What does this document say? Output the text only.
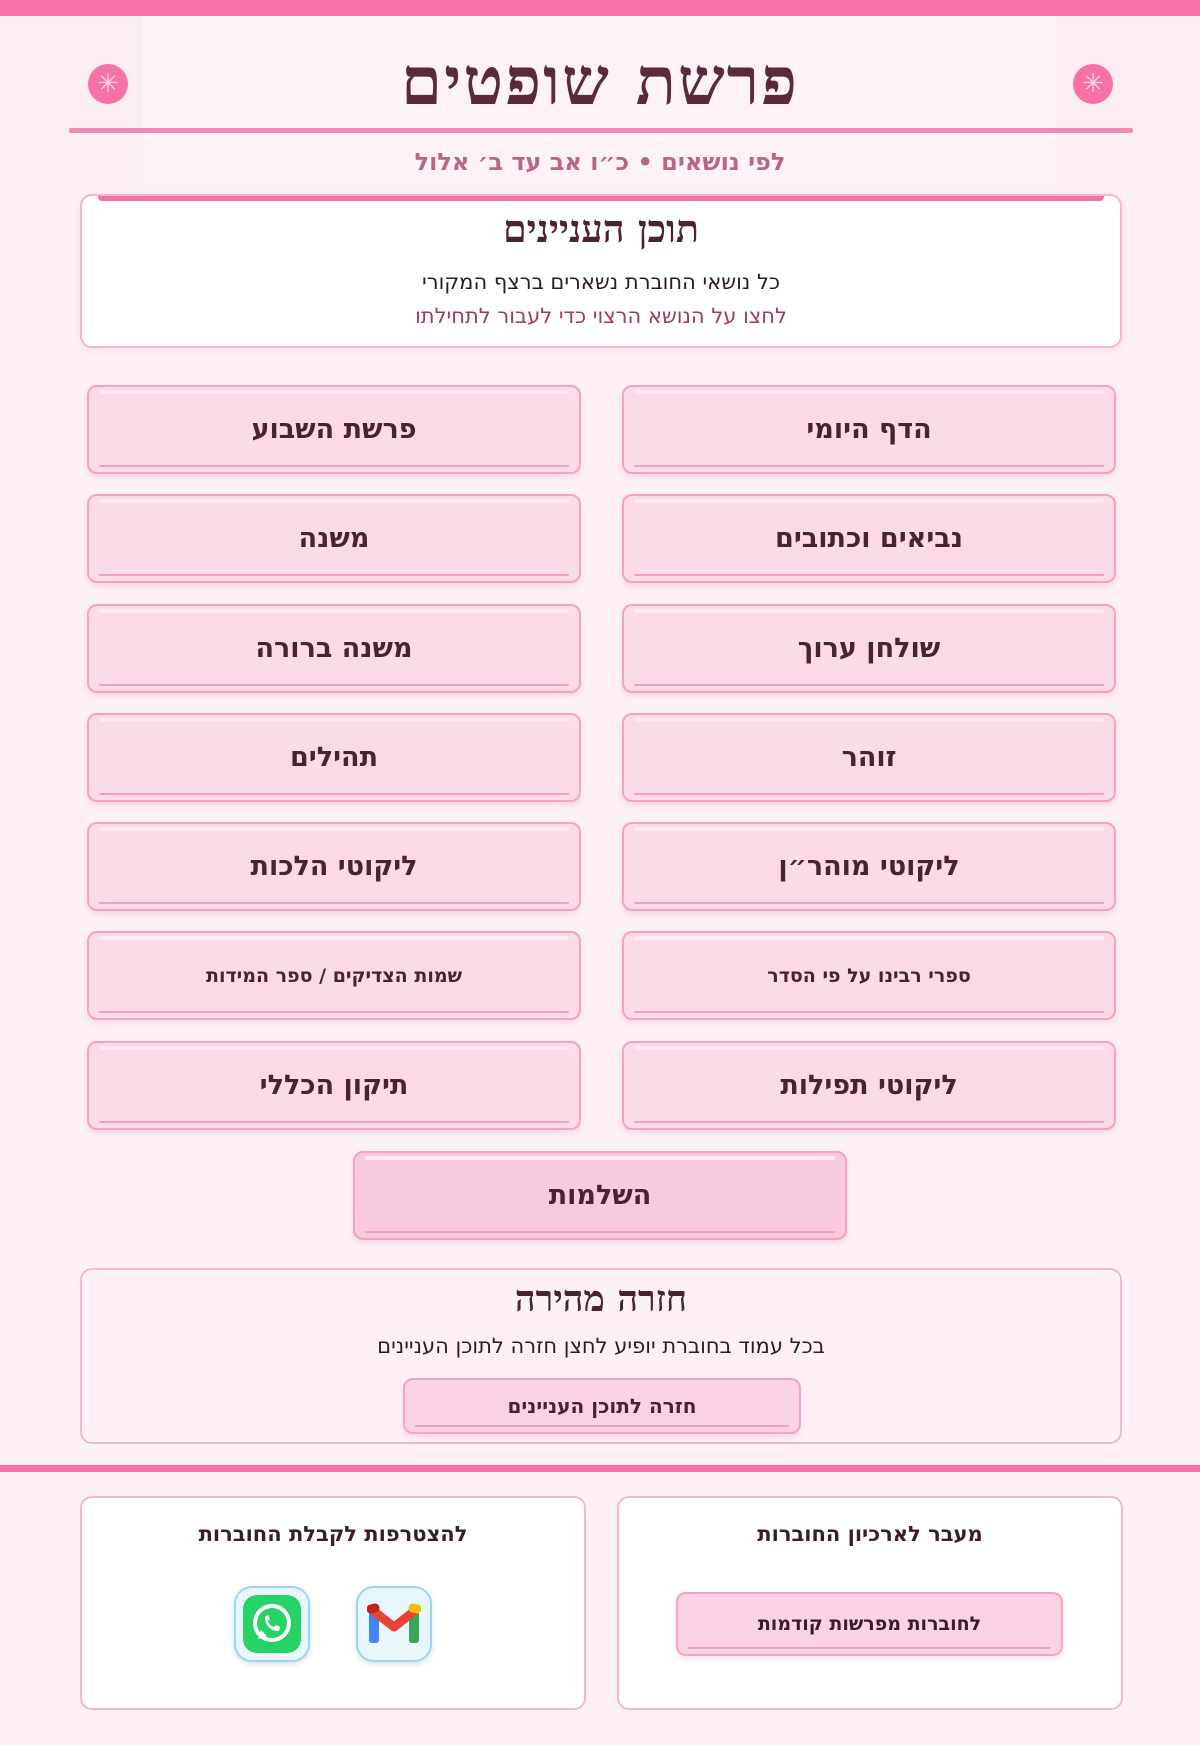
✳	✳
פרשת שופטים
לפי נושאים • כ״ו אב עד ב׳ אלול
תוכן העניינים
כל נושאי החוברת נשארים ברצף המקורי
לחצו על הנושא הרצוי כדי לעבור לתחילתו
הדף היומי
פרשת השבוע
נביאים וכתובים
משנה
שולחן ערוך
משנה ברורה
זוהר
תהילים
ליקוטי מוהר״ן
ליקוטי הלכות
ספרי רבינו על פי הסדר
שמות הצדיקים / ספר המידות
ליקוטי תפילות
תיקון הכללי
השלמות
חזרה מהירה
בכל עמוד בחוברת יופיע לחצן חזרה לתוכן העניינים
חזרה לתוכן העניינים
מעבר לארכיון החוברות
לחוברות מפרשות קודמות
להצטרפות לקבלת החוברות
